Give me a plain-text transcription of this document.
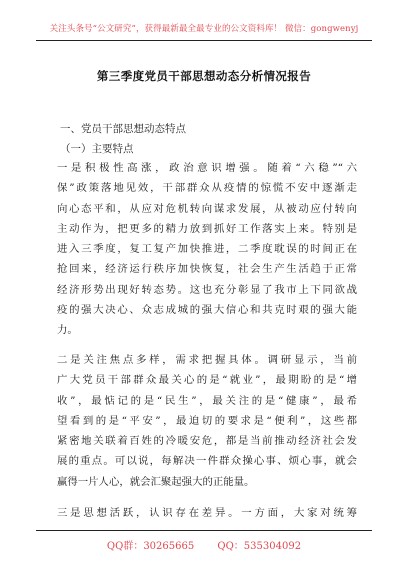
关注头条号“公文研究”，获得最新最全最专业的公文资料库！ 微信：gongwenyj
第三季度党员干部思想动态分析情况报告
一、党员干部思想动态特点
（一）主要特点
一是积极性高涨，政治意识增强。随着“六稳”“六
保”政策落地见效，干部群众从疫情的惊慌不安中逐渐走
向心态平和，从应对危机转向谋求发展，从被动应付转向
主动作为，把更多的精力放到抓好工作落实上来。特别是
进入三季度，复工复产加快推进，二季度耽误的时间正在
抢回来，经济运行秩序加快恢复，社会生产生活趋于正常
经济形势出现好转态势。这也充分彰显了我市上下同欲战
疫的强大决心、众志成城的强大信心和共克时艰的强大能
力。
二是关注焦点多样，需求把握具体。调研显示，当前
广大党员干部群众最关心的是“就业”，最期盼的是“增
收”，最惦记的是“民生”，最关注的是“健康”，最希
望看到的是“平安”，最迫切的要求是“便利”，这些都
紧密地关联着百姓的冷暖安危，都是当前推动经济社会发
展的重点。可以说，每解决一件群众操心事、烦心事，就会
赢得一片人心，就会汇聚起强大的正能量。
三是思想活跃，认识存在差异。一方面，大家对统筹
QQ群：30265665 QQ：535304092
